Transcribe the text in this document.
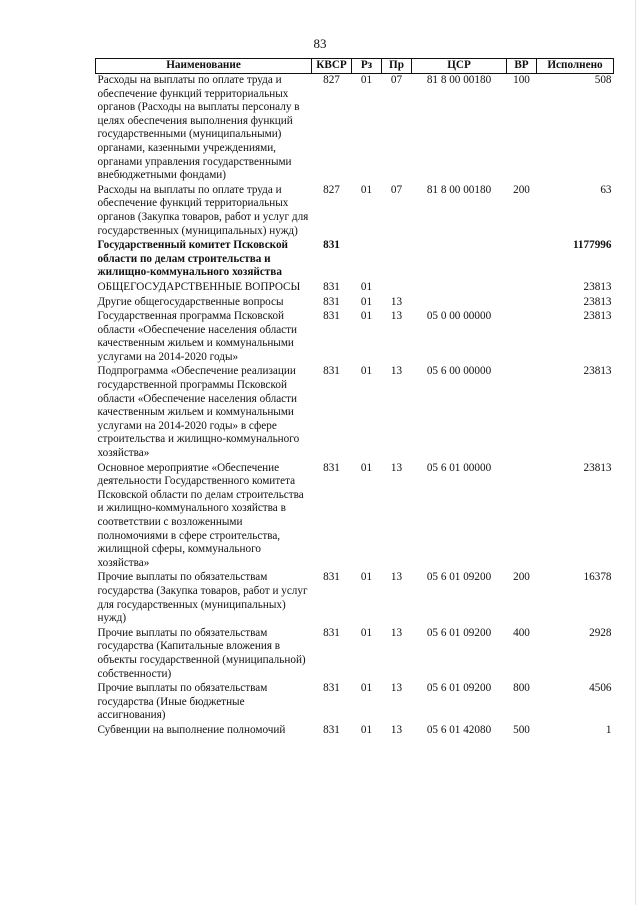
83
Наименование	КВСР	Рз	Пр	ЦСР	ВР	Исполнено
Расходы на выплаты по оплате труда и обеспечение функций территориальных органов (Расходы на выплаты персоналу в целях обеспечения выполнения функций государственными (муниципальными) органами, казенными учреждениями, органами управления государственными внебюджетными фондами)	827	01	07	81 8 00 00180	100	508
Расходы на выплаты по оплате труда и обеспечение функций территориальных органов (Закупка товаров, работ и услуг для государственных (муниципальных) нужд)	827	01	07	81 8 00 00180	200	63
Государственный комитет Псковской области по делам строительства и жилищно-коммунального хозяйства	831					1177996
ОБЩЕГОСУДАРСТВЕННЫЕ ВОПРОСЫ	831	01				23813
Другие общегосударственные вопросы	831	01	13			23813
Государственная программа Псковской области «Обеспечение населения области качественным жильем и коммунальными услугами на 2014-2020 годы»	831	01	13	05 0 00 00000		23813
Подпрограмма «Обеспечение реализации государственной программы Псковской области «Обеспечение населения области качественным жильем и коммунальными услугами на 2014-2020 годы» в сфере строительства и жилищно-коммунального хозяйства»	831	01	13	05 6 00 00000		23813
Основное мероприятие «Обеспечение деятельности Государственного комитета Псковской области по делам строительства и жилищно-коммунального хозяйства в соответствии с возложенными полномочиями в сфере строительства, жилищной сферы, коммунального хозяйства»	831	01	13	05 6 01 00000		23813
Прочие выплаты по обязательствам государства (Закупка товаров, работ и услуг для государственных (муниципальных) нужд)	831	01	13	05 6 01 09200	200	16378
Прочие выплаты по обязательствам государства (Капитальные вложения в объекты государственной (муниципальной) собственности)	831	01	13	05 6 01 09200	400	2928
Прочие выплаты по обязательствам государства (Иные бюджетные ассигнования)	831	01	13	05 6 01 09200	800	4506
Субвенции на выполнение полномочий	831	01	13	05 6 01 42080	500	1
